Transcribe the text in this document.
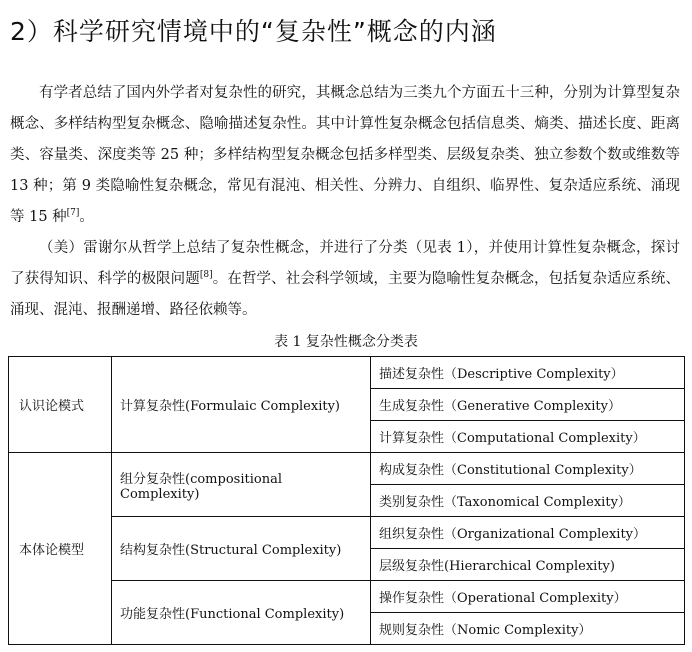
2）科学研究情境中的“复杂性”概念的内涵

有学者总结了国内外学者对复杂性的研究，其概念总结为三类九个方面五十三种，分别为计算型复杂概念、多样结构型复杂概念、隐喻描述复杂性。其中计算性复杂概念包括信息类、熵类、描述长度、距离类、容量类、深度类等 25 种；多样结构型复杂概念包括多样型类、层级复杂类、独立参数个数或维数等 13 种；第 9 类隐喻性复杂概念，常见有混沌、相关性、分辨力、自组织、临界性、复杂适应系统、涌现等 15 种[7]。

（美）雷谢尔从哲学上总结了复杂性概念，并进行了分类（见表 1），并使用计算性复杂概念，探讨了获得知识、科学的极限问题[8]。在哲学、社会科学领域，主要为隐喻性复杂概念，包括复杂适应系统、涌现、混沌、报酬递增、路径依赖等。

表 1 复杂性概念分类表

认识论模式	计算复杂性(Formulaic Complexity)	描述复杂性（Descriptive Complexity）
		生成复杂性（Generative Complexity）
		计算复杂性（Computational Complexity）
本体论模型	组分复杂性(compositional Complexity)	构成复杂性（Constitutional Complexity）
		类别复杂性（Taxonomical Complexity）
	结构复杂性(Structural Complexity)	组织复杂性（Organizational Complexity）
		层级复杂性(Hierarchical Complexity)
	功能复杂性(Functional Complexity)	操作复杂性（Operational Complexity）
		规则复杂性（Nomic Complexity）
